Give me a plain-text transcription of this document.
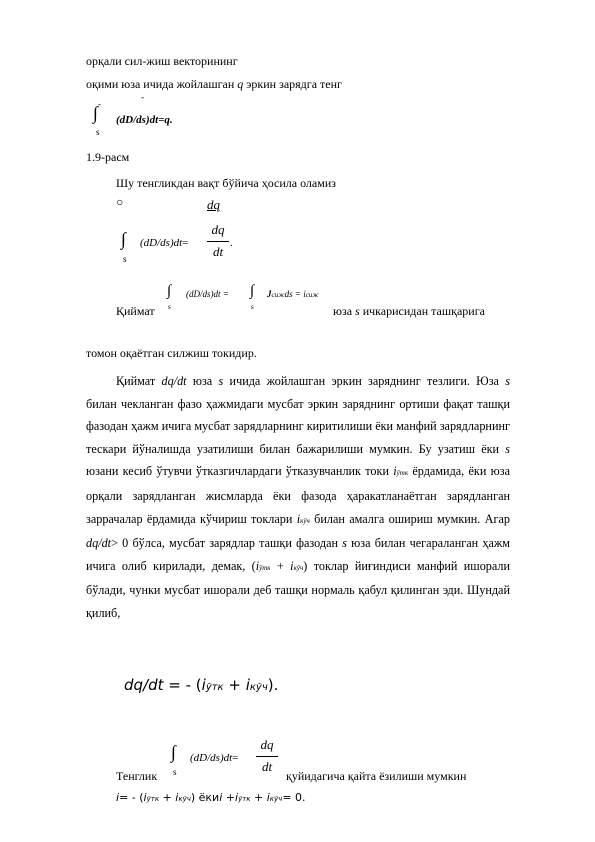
орқали сил-жиш векторининг
оқими юза ичида жойлашган q эркин зарядга тенг
∫
s
-
-
(dD/ds)dt=q.
1.9-расм
Шу тенгликдан вақт бўйича ҳосила оламиз
○	dq
∫
s
(dD/ds)dt=
dq
dt
.
Қиймат
∫
s
(dD/ds)dt = ∫
s
Jсижds = iсиж
юза s ичкарисидан ташқарига
томон оқаётган силжиш токидир.
Қиймат dq/dt юза s ичида жойлашган эркин заряднинг тезлиги. Юза s билан чекланган фазо ҳажмидаги мусбат эркин заряднинг ортиши фақат ташқи фазодан ҳажм ичига мусбат зарядларнинг киритилиши ёки манфий зарядларнинг тескари йўналишда узатилиши билан бажарилиши мумкин. Бу узатиш ёки s юзани кесиб ўтувчи ўтказгичлардаги ўтказувчанлик токи iўтк ёрдамида, ёки юза орқали зарядланган жисмларда ёки фазода ҳаракатланаётган зарядланган заррачалар ёрдамида кўчириш токлари iкўч билан амалга ошириш мумкин. Агар dq/dt> 0 бўлса, мусбат зарядлар ташқи фазодан s юза билан чегараланган ҳажм ичига олиб кирилади, демак, (iўтк + iкўч) токлар йиғиндиси манфий ишорали бўлади, чунки мусбат ишорали деб ташқи нормаль қабул қилинган эди. Шундай қилиб,
dq/dt = - (iўтк + iкўч).
Тенглик
∫
s
(dD/ds)dt=
dq
dt
қуйидагича қайта ёзилиши мумкин
i= - (iўтк + iкўч) ёкиi +iўтк + iкўч= 0.
